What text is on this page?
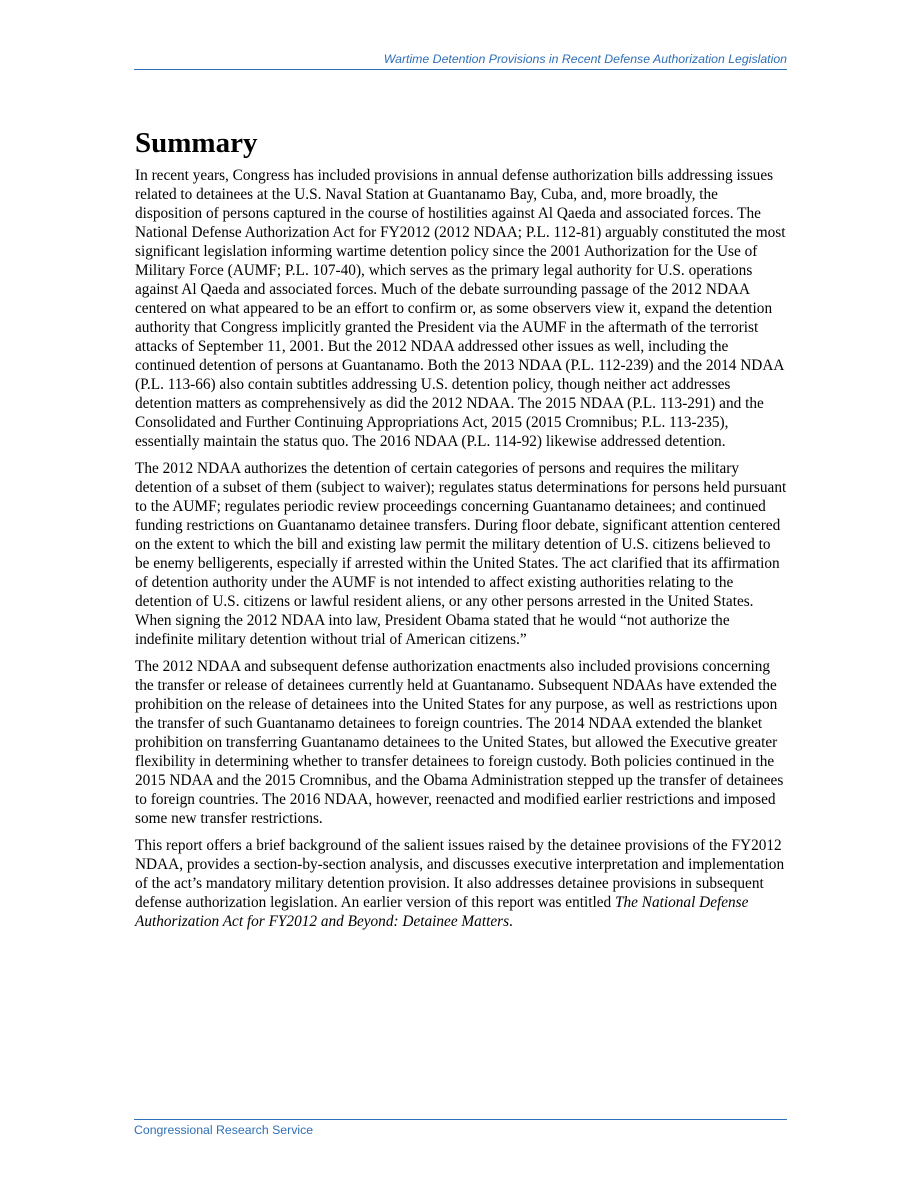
Wartime Detention Provisions in Recent Defense Authorization Legislation
Summary

In recent years, Congress has included provisions in annual defense authorization bills addressing issues related to detainees at the U.S. Naval Station at Guantanamo Bay, Cuba, and, more broadly, the disposition of persons captured in the course of hostilities against Al Qaeda and associated forces. The National Defense Authorization Act for FY2012 (2012 NDAA; P.L. 112-81) arguably constituted the most significant legislation informing wartime detention policy since the 2001 Authorization for the Use of Military Force (AUMF; P.L. 107-40), which serves as the primary legal authority for U.S. operations against Al Qaeda and associated forces. Much of the debate surrounding passage of the 2012 NDAA centered on what appeared to be an effort to confirm or, as some observers view it, expand the detention authority that Congress implicitly granted the President via the AUMF in the aftermath of the terrorist attacks of September 11, 2001. But the 2012 NDAA addressed other issues as well, including the continued detention of persons at Guantanamo. Both the 2013 NDAA (P.L. 112-239) and the 2014 NDAA (P.L. 113-66) also contain subtitles addressing U.S. detention policy, though neither act addresses detention matters as comprehensively as did the 2012 NDAA. The 2015 NDAA (P.L. 113-291) and the Consolidated and Further Continuing Appropriations Act, 2015 (2015 Cromnibus; P.L. 113-235), essentially maintain the status quo. The 2016 NDAA (P.L. 114-92) likewise addressed detention.

The 2012 NDAA authorizes the detention of certain categories of persons and requires the military detention of a subset of them (subject to waiver); regulates status determinations for persons held pursuant to the AUMF; regulates periodic review proceedings concerning Guantanamo detainees; and continued funding restrictions on Guantanamo detainee transfers. During floor debate, significant attention centered on the extent to which the bill and existing law permit the military detention of U.S. citizens believed to be enemy belligerents, especially if arrested within the United States. The act clarified that its affirmation of detention authority under the AUMF is not intended to affect existing authorities relating to the detention of U.S. citizens or lawful resident aliens, or any other persons arrested in the United States. When signing the 2012 NDAA into law, President Obama stated that he would “not authorize the indefinite military detention without trial of American citizens.”

The 2012 NDAA and subsequent defense authorization enactments also included provisions concerning the transfer or release of detainees currently held at Guantanamo. Subsequent NDAAs have extended the prohibition on the release of detainees into the United States for any purpose, as well as restrictions upon the transfer of such Guantanamo detainees to foreign countries. The 2014 NDAA extended the blanket prohibition on transferring Guantanamo detainees to the United States, but allowed the Executive greater flexibility in determining whether to transfer detainees to foreign custody. Both policies continued in the 2015 NDAA and the 2015 Cromnibus, and the Obama Administration stepped up the transfer of detainees to foreign countries. The 2016 NDAA, however, reenacted and modified earlier restrictions and imposed some new transfer restrictions.

This report offers a brief background of the salient issues raised by the detainee provisions of the FY2012 NDAA, provides a section-by-section analysis, and discusses executive interpretation and implementation of the act’s mandatory military detention provision. It also addresses detainee provisions in subsequent defense authorization legislation. An earlier version of this report was entitled The National Defense Authorization Act for FY2012 and Beyond: Detainee Matters.

Congressional Research Service
